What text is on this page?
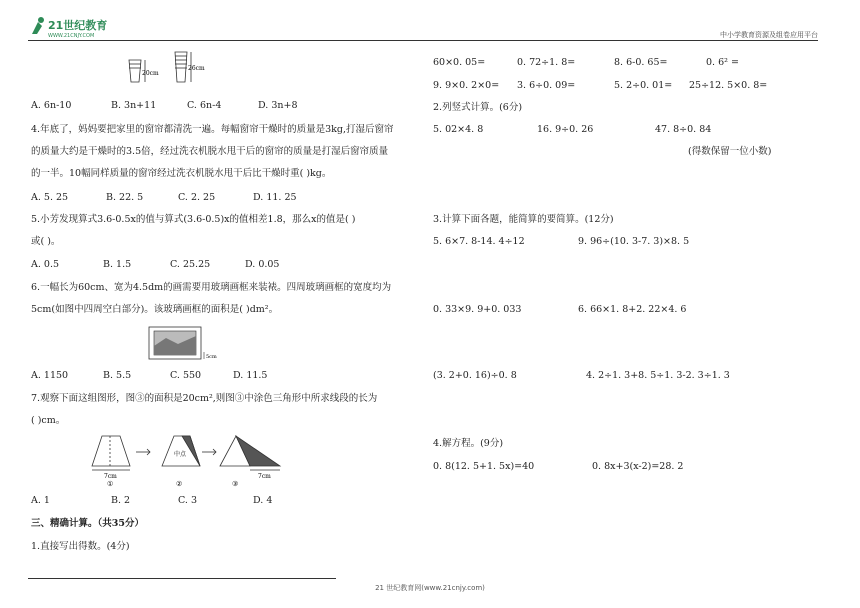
21世纪教育
WWW.21CNJY.COM	中小学教育资源及组卷应用平台
20cm
26cm
A. 6n-10	B. 3n+11	C. 6n-4	D. 3n+8
4.年底了，妈妈要把家里的窗帘都清洗一遍。每幅窗帘干燥时的质量是3kg,打湿后窗帘
的质量大约是干燥时的3.5倍，经过洗衣机脱水甩干后的窗帘的质量是打湿后窗帘质量
的一半。10幅同样质量的窗帘经过洗衣机脱水甩干后比干燥时重( )kg。
A. 5. 25	B. 22. 5	C. 2. 25	D. 11. 25
5.小芳发现算式3.6-0.5x的值与算式(3.6-0.5)x的值相差1.8，那么x的值是( )
或( )。
A. 0.5	B. 1.5	C. 25.25	D. 0.05
6.一幅长为60cm、宽为4.5dm的画需要用玻璃画框来装裱。四周玻璃画框的宽度均为
5cm(如图中四周空白部分)。该玻璃画框的面积是( )dm²。
5cm
A. 1150	B. 5.5	C. 550	D. 11.5
7.观察下面这组图形，图③的面积是20cm²,则图③中涂色三角形中所求线段的长为
( )cm。
7cm
中点
7cm
①	②	③
A. 1	B. 2	C. 3	D. 4
三、精确计算。（共35分）
1.直接写出得数。(4分)
60×0. 05=	0. 72÷1. 8=	8. 6-0. 65=	0. 6² =
9. 9×0. 2×0= 3. 6÷0. 09=	5. 2÷0. 01= 25÷12. 5×0. 8=
2.列竖式计算。(6分)
5. 02×4. 8	16. 9÷0. 26	47. 8÷0. 84
(得数保留一位小数)
3.计算下面各题，能简算的要简算。(12分)
5. 6×7. 8-14. 4÷12	9. 96÷(10. 3-7. 3)×8. 5
0. 33×9. 9+0. 033	6. 66×1. 8+2. 22×4. 6
(3. 2+0. 16)÷0. 8	4. 2÷1. 3+8. 5÷1. 3-2. 3÷1. 3
4.解方程。(9分)
0. 8(12. 5+1. 5x)=40	0. 8x+3(x-2)=28. 2
21 世纪教育网(www.21cnjy.com)
